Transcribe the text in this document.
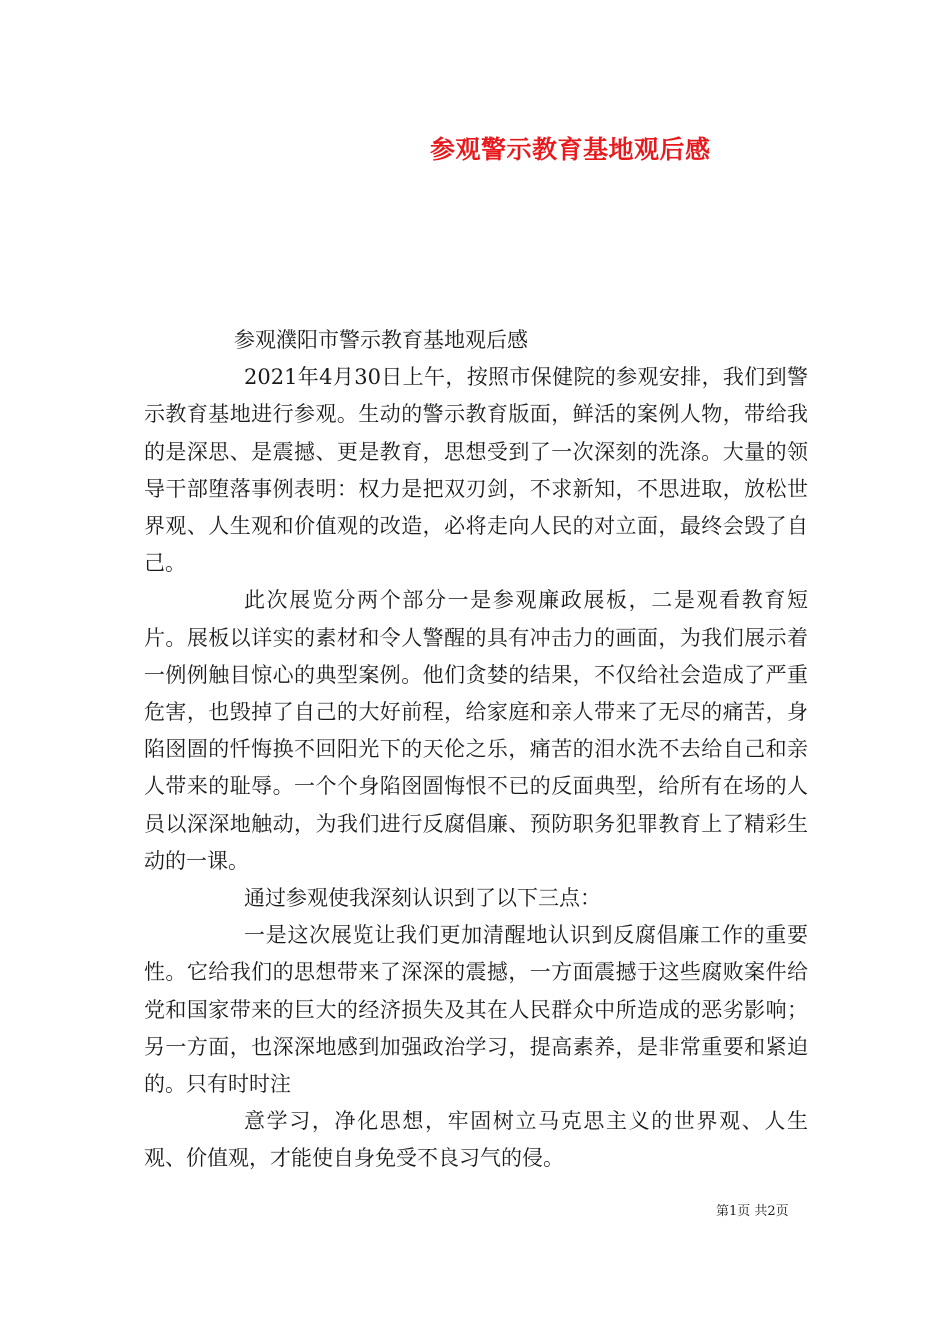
参观警示教育基地观后感

参观濮阳市警示教育基地观后感

2021年4月30日上午，按照市保健院的参观安排，我们到警示教育基地进行参观。生动的警示教育版面，鲜活的案例人物，带给我的是深思、是震撼、更是教育，思想受到了一次深刻的洗涤。大量的领导干部堕落事例表明：权力是把双刃剑，不求新知，不思进取，放松世界观、人生观和价值观的改造，必将走向人民的对立面，最终会毁了自己。

此次展览分两个部分一是参观廉政展板，二是观看教育短片。展板以详实的素材和令人警醒的具有冲击力的画面，为我们展示着一例例触目惊心的典型案例。他们贪婪的结果，不仅给社会造成了严重危害，也毁掉了自己的大好前程，给家庭和亲人带来了无尽的痛苦，身陷囹圄的忏悔换不回阳光下的天伦之乐，痛苦的泪水洗不去给自己和亲人带来的耻辱。一个个身陷囹圄悔恨不已的反面典型，给所有在场的人员以深深地触动，为我们进行反腐倡廉、预防职务犯罪教育上了精彩生动的一课。

通过参观使我深刻认识到了以下三点：

一是这次展览让我们更加清醒地认识到反腐倡廉工作的重要性。它给我们的思想带来了深深的震撼，一方面震撼于这些腐败案件给党和国家带来的巨大的经济损失及其在人民群众中所造成的恶劣影响；另一方面，也深深地感到加强政治学习，提高素养，是非常重要和紧迫的。只有时时注

意学习，净化思想，牢固树立马克思主义的世界观、人生观、价值观，才能使自身免受不良习气的侵。

第1页 共2页
